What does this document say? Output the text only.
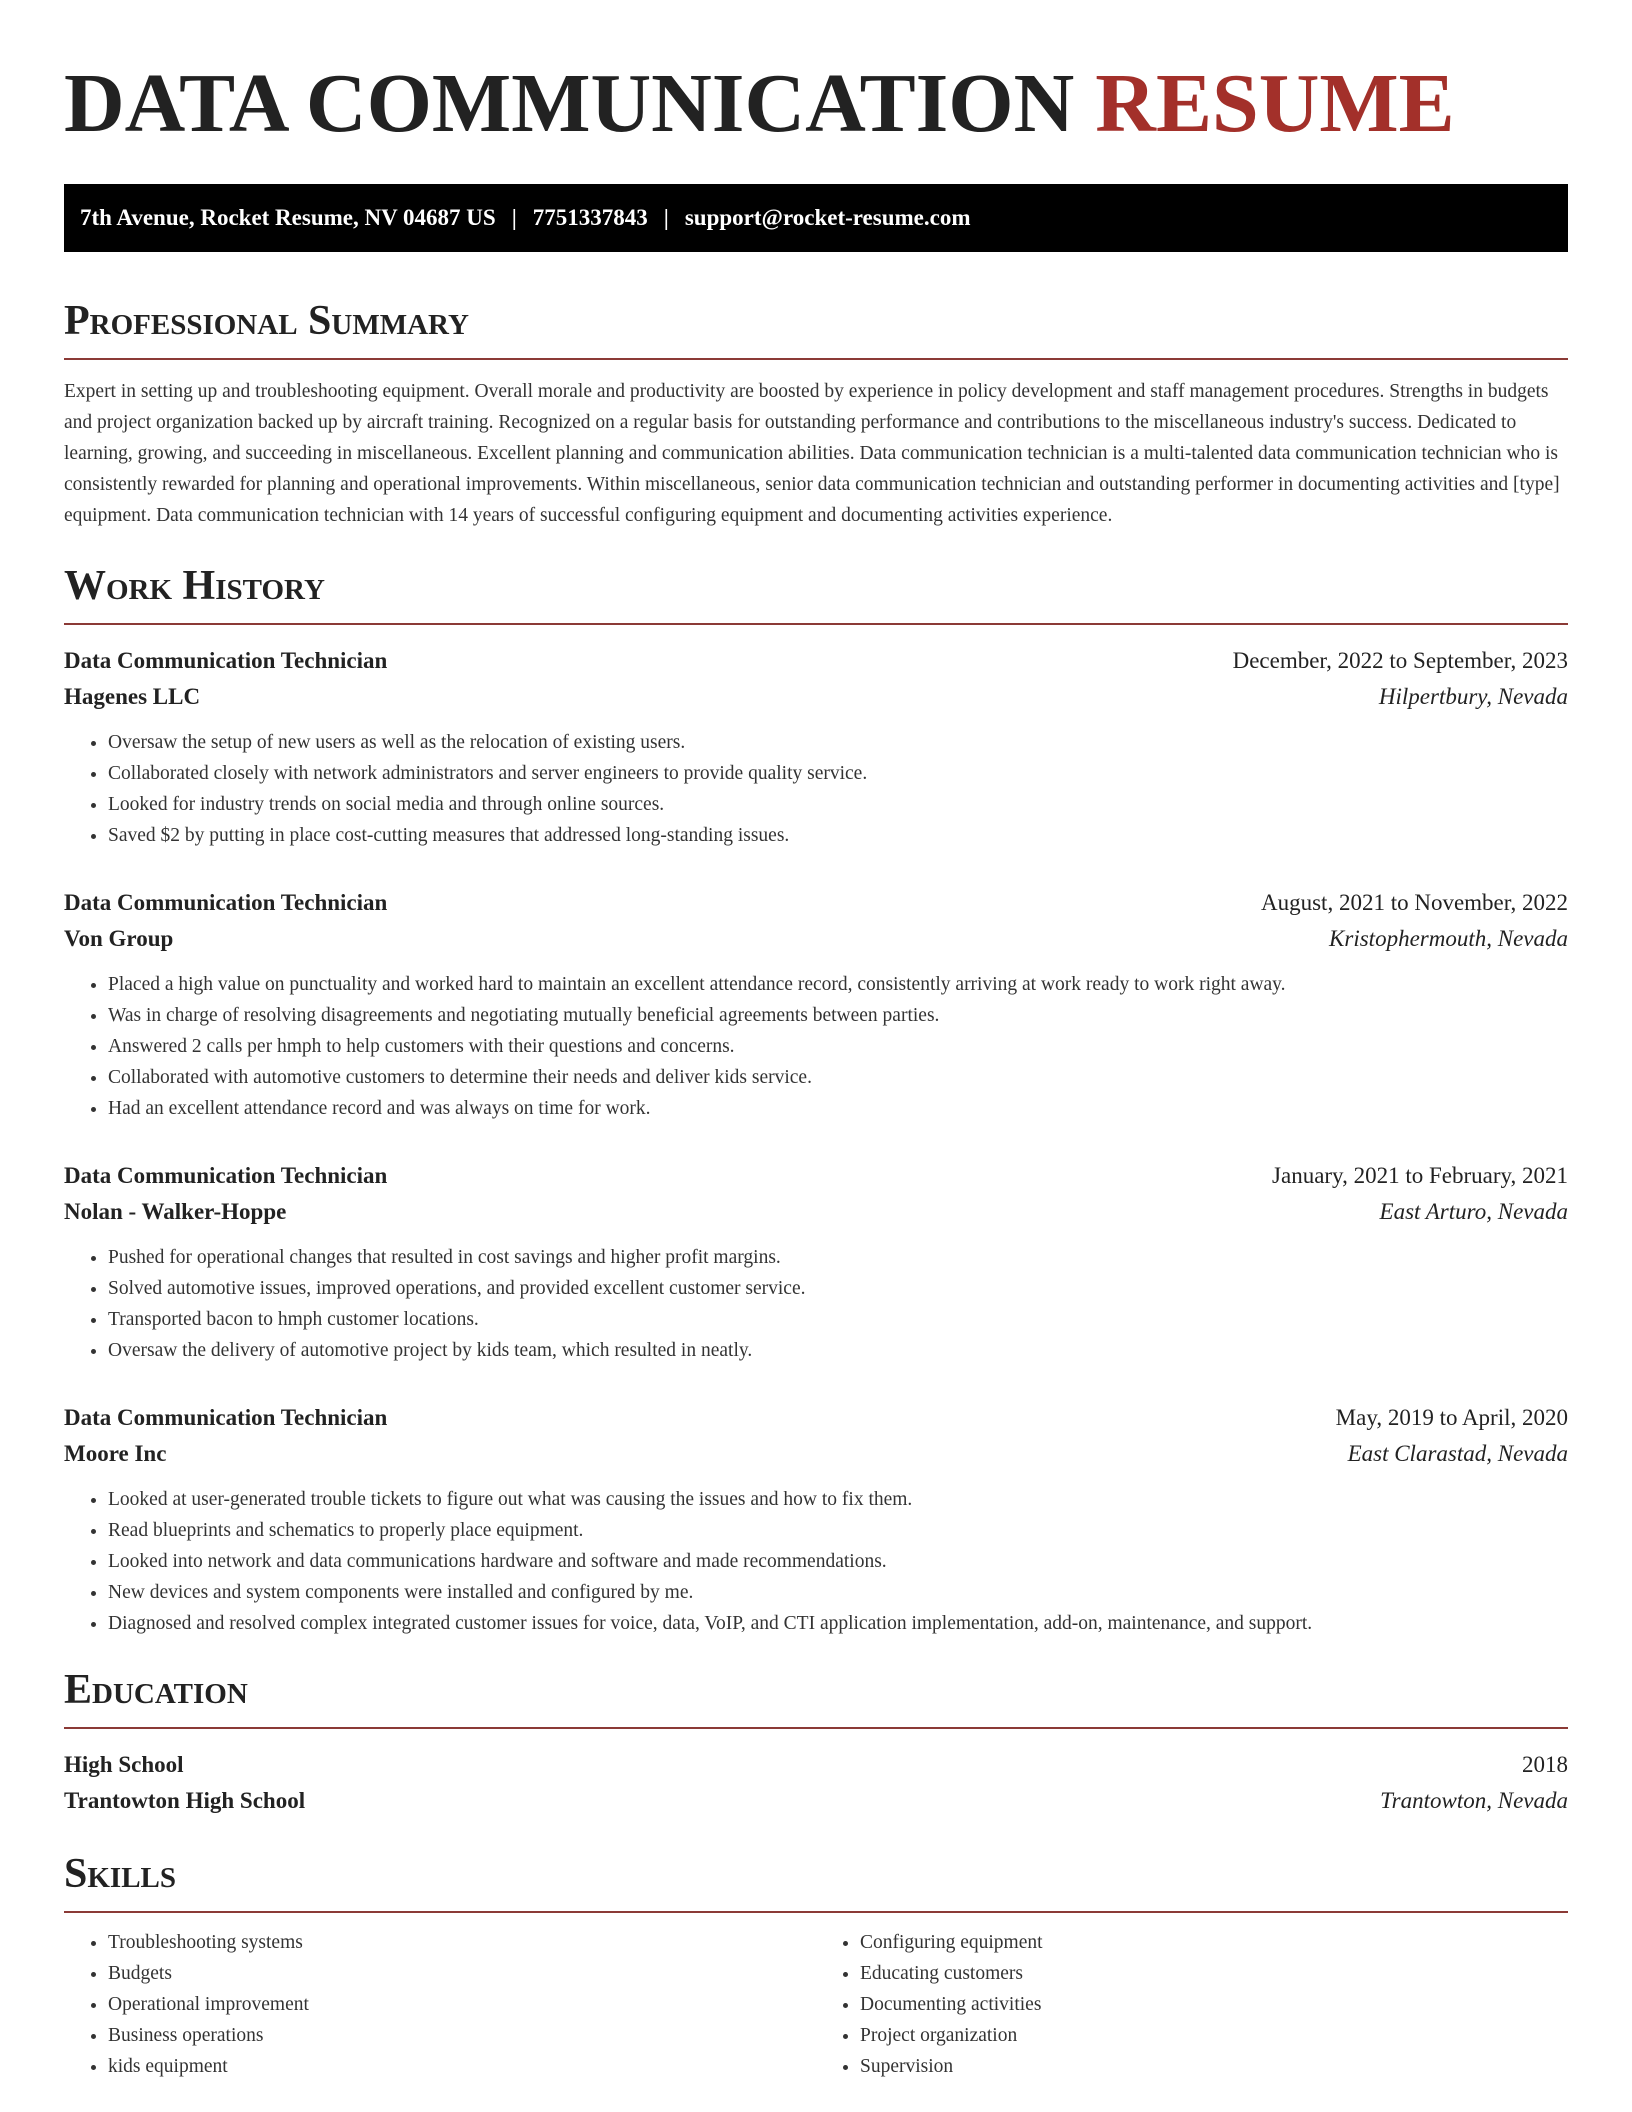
DATA COMMUNICATION RESUME
7th Avenue, Rocket Resume, NV 04687 US | 7751337843 | support@rocket-resume.com
Professional Summary

Expert in setting up and troubleshooting equipment. Overall morale and productivity are boosted by experience in policy development and staff management procedures. Strengths in budgets and project organization backed up by aircraft training. Recognized on a regular basis for outstanding performance and contributions to the miscellaneous industry's success. Dedicated to learning, growing, and succeeding in miscellaneous. Excellent planning and communication abilities. Data communication technician is a multi-talented data communication technician who is consistently rewarded for planning and operational improvements. Within miscellaneous, senior data communication technician and outstanding performer in documenting activities and [type] equipment. Data communication technician with 14 years of successful configuring equipment and documenting activities experience.

Work History
Data Communication Technician	December, 2022 to September, 2023
Hagenes LLC	Hilpertbury, Nevada
• Oversaw the setup of new users as well as the relocation of existing users.
• Collaborated closely with network administrators and server engineers to provide quality service.
• Looked for industry trends on social media and through online sources.
• Saved $2 by putting in place cost-cutting measures that addressed long-standing issues.
Data Communication Technician	August, 2021 to November, 2022
Von Group	Kristophermouth, Nevada
• Placed a high value on punctuality and worked hard to maintain an excellent attendance record, consistently arriving at work ready to work right away.
• Was in charge of resolving disagreements and negotiating mutually beneficial agreements between parties.
• Answered 2 calls per hmph to help customers with their questions and concerns.
• Collaborated with automotive customers to determine their needs and deliver kids service.
• Had an excellent attendance record and was always on time for work.
Data Communication Technician	January, 2021 to February, 2021
Nolan - Walker-Hoppe	East Arturo, Nevada
• Pushed for operational changes that resulted in cost savings and higher profit margins.
• Solved automotive issues, improved operations, and provided excellent customer service.
• Transported bacon to hmph customer locations.
• Oversaw the delivery of automotive project by kids team, which resulted in neatly.
Data Communication Technician	May, 2019 to April, 2020
Moore Inc	East Clarastad, Nevada
• Looked at user-generated trouble tickets to figure out what was causing the issues and how to fix them.
• Read blueprints and schematics to properly place equipment.
• Looked into network and data communications hardware and software and made recommendations.
• New devices and system components were installed and configured by me.
• Diagnosed and resolved complex integrated customer issues for voice, data, VoIP, and CTI application implementation, add-on, maintenance, and support.
Education
High School	2018
Trantowton High School	Trantowton, Nevada
Skills
• Troubleshooting systems
• Budgets
• Operational improvement
• Business operations
• kids equipment
• Configuring equipment
• Educating customers
• Documenting activities
• Project organization
• Supervision
